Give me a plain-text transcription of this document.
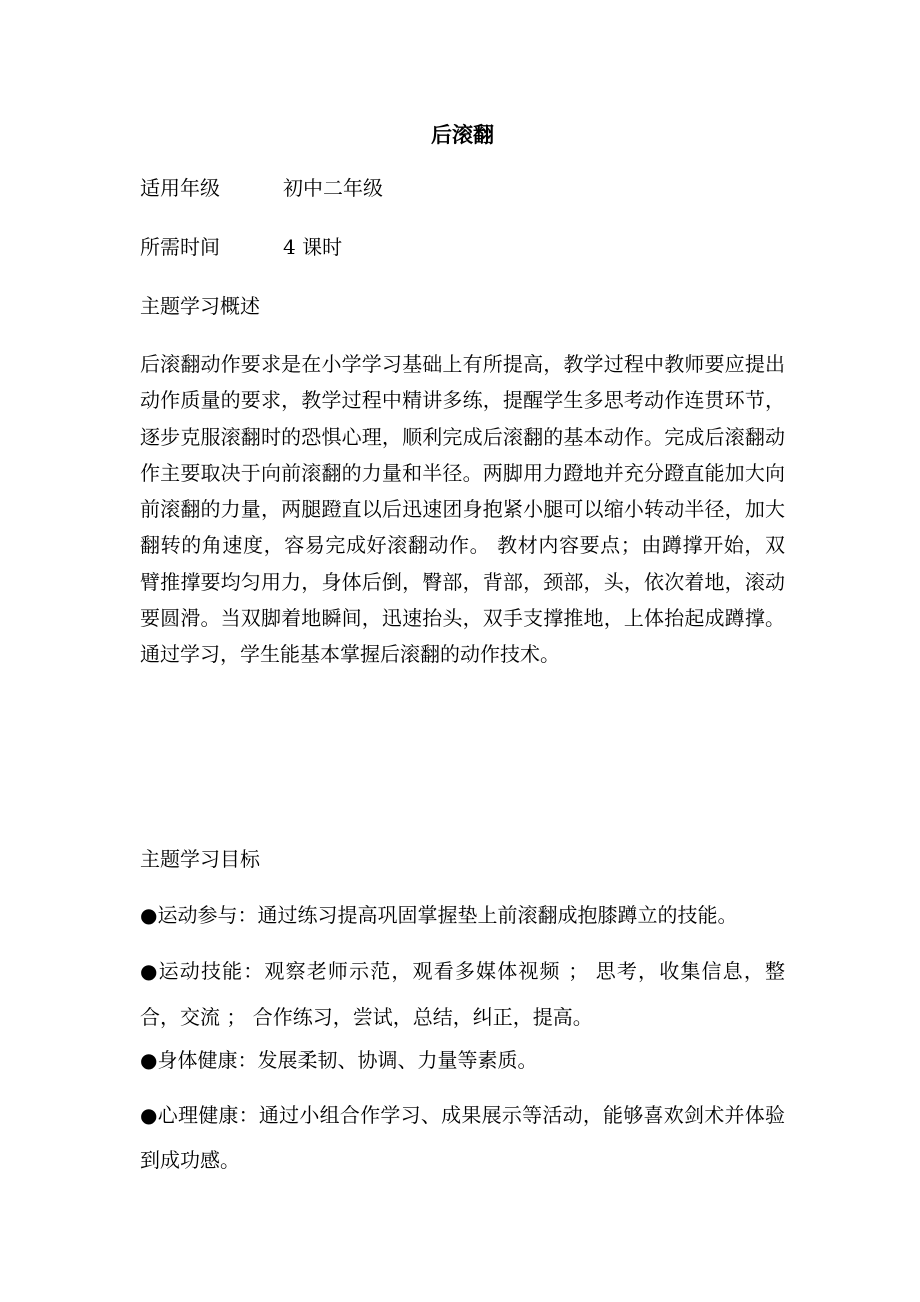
后滚翻

适用年级	初中二年级

所需时间	4 课时

主题学习概述

后滚翻动作要求是在小学学习基础上有所提高，教学过程中教师要应提出动作质量的要求，教学过程中精讲多练，提醒学生多思考动作连贯环节，逐步克服滚翻时的恐惧心理，顺利完成后滚翻的基本动作。完成后滚翻动作主要取决于向前滚翻的力量和半径。两脚用力蹬地并充分蹬直能加大向前滚翻的力量，两腿蹬直以后迅速团身抱紧小腿可以缩小转动半径，加大翻转的角速度，容易完成好滚翻动作。 教材内容要点；由蹲撑开始，双臂推撑要均匀用力，身体后倒，臀部，背部，颈部，头，依次着地，滚动要圆滑。当双脚着地瞬间，迅速抬头，双手支撑推地，上体抬起成蹲撑。 通过学习，学生能基本掌握后滚翻的动作技术。

主题学习目标

●运动参与：通过练习提高巩固掌握垫上前滚翻成抱膝蹲立的技能。

●运动技能：观察老师示范，观看多媒体视频 ； 思考，收集信息，整合，交流 ； 合作练习，尝试，总结，纠正，提高。

●身体健康：发展柔韧、协调、力量等素质。

●心理健康：通过小组合作学习、成果展示等活动，能够喜欢剑术并体验到成功感。
